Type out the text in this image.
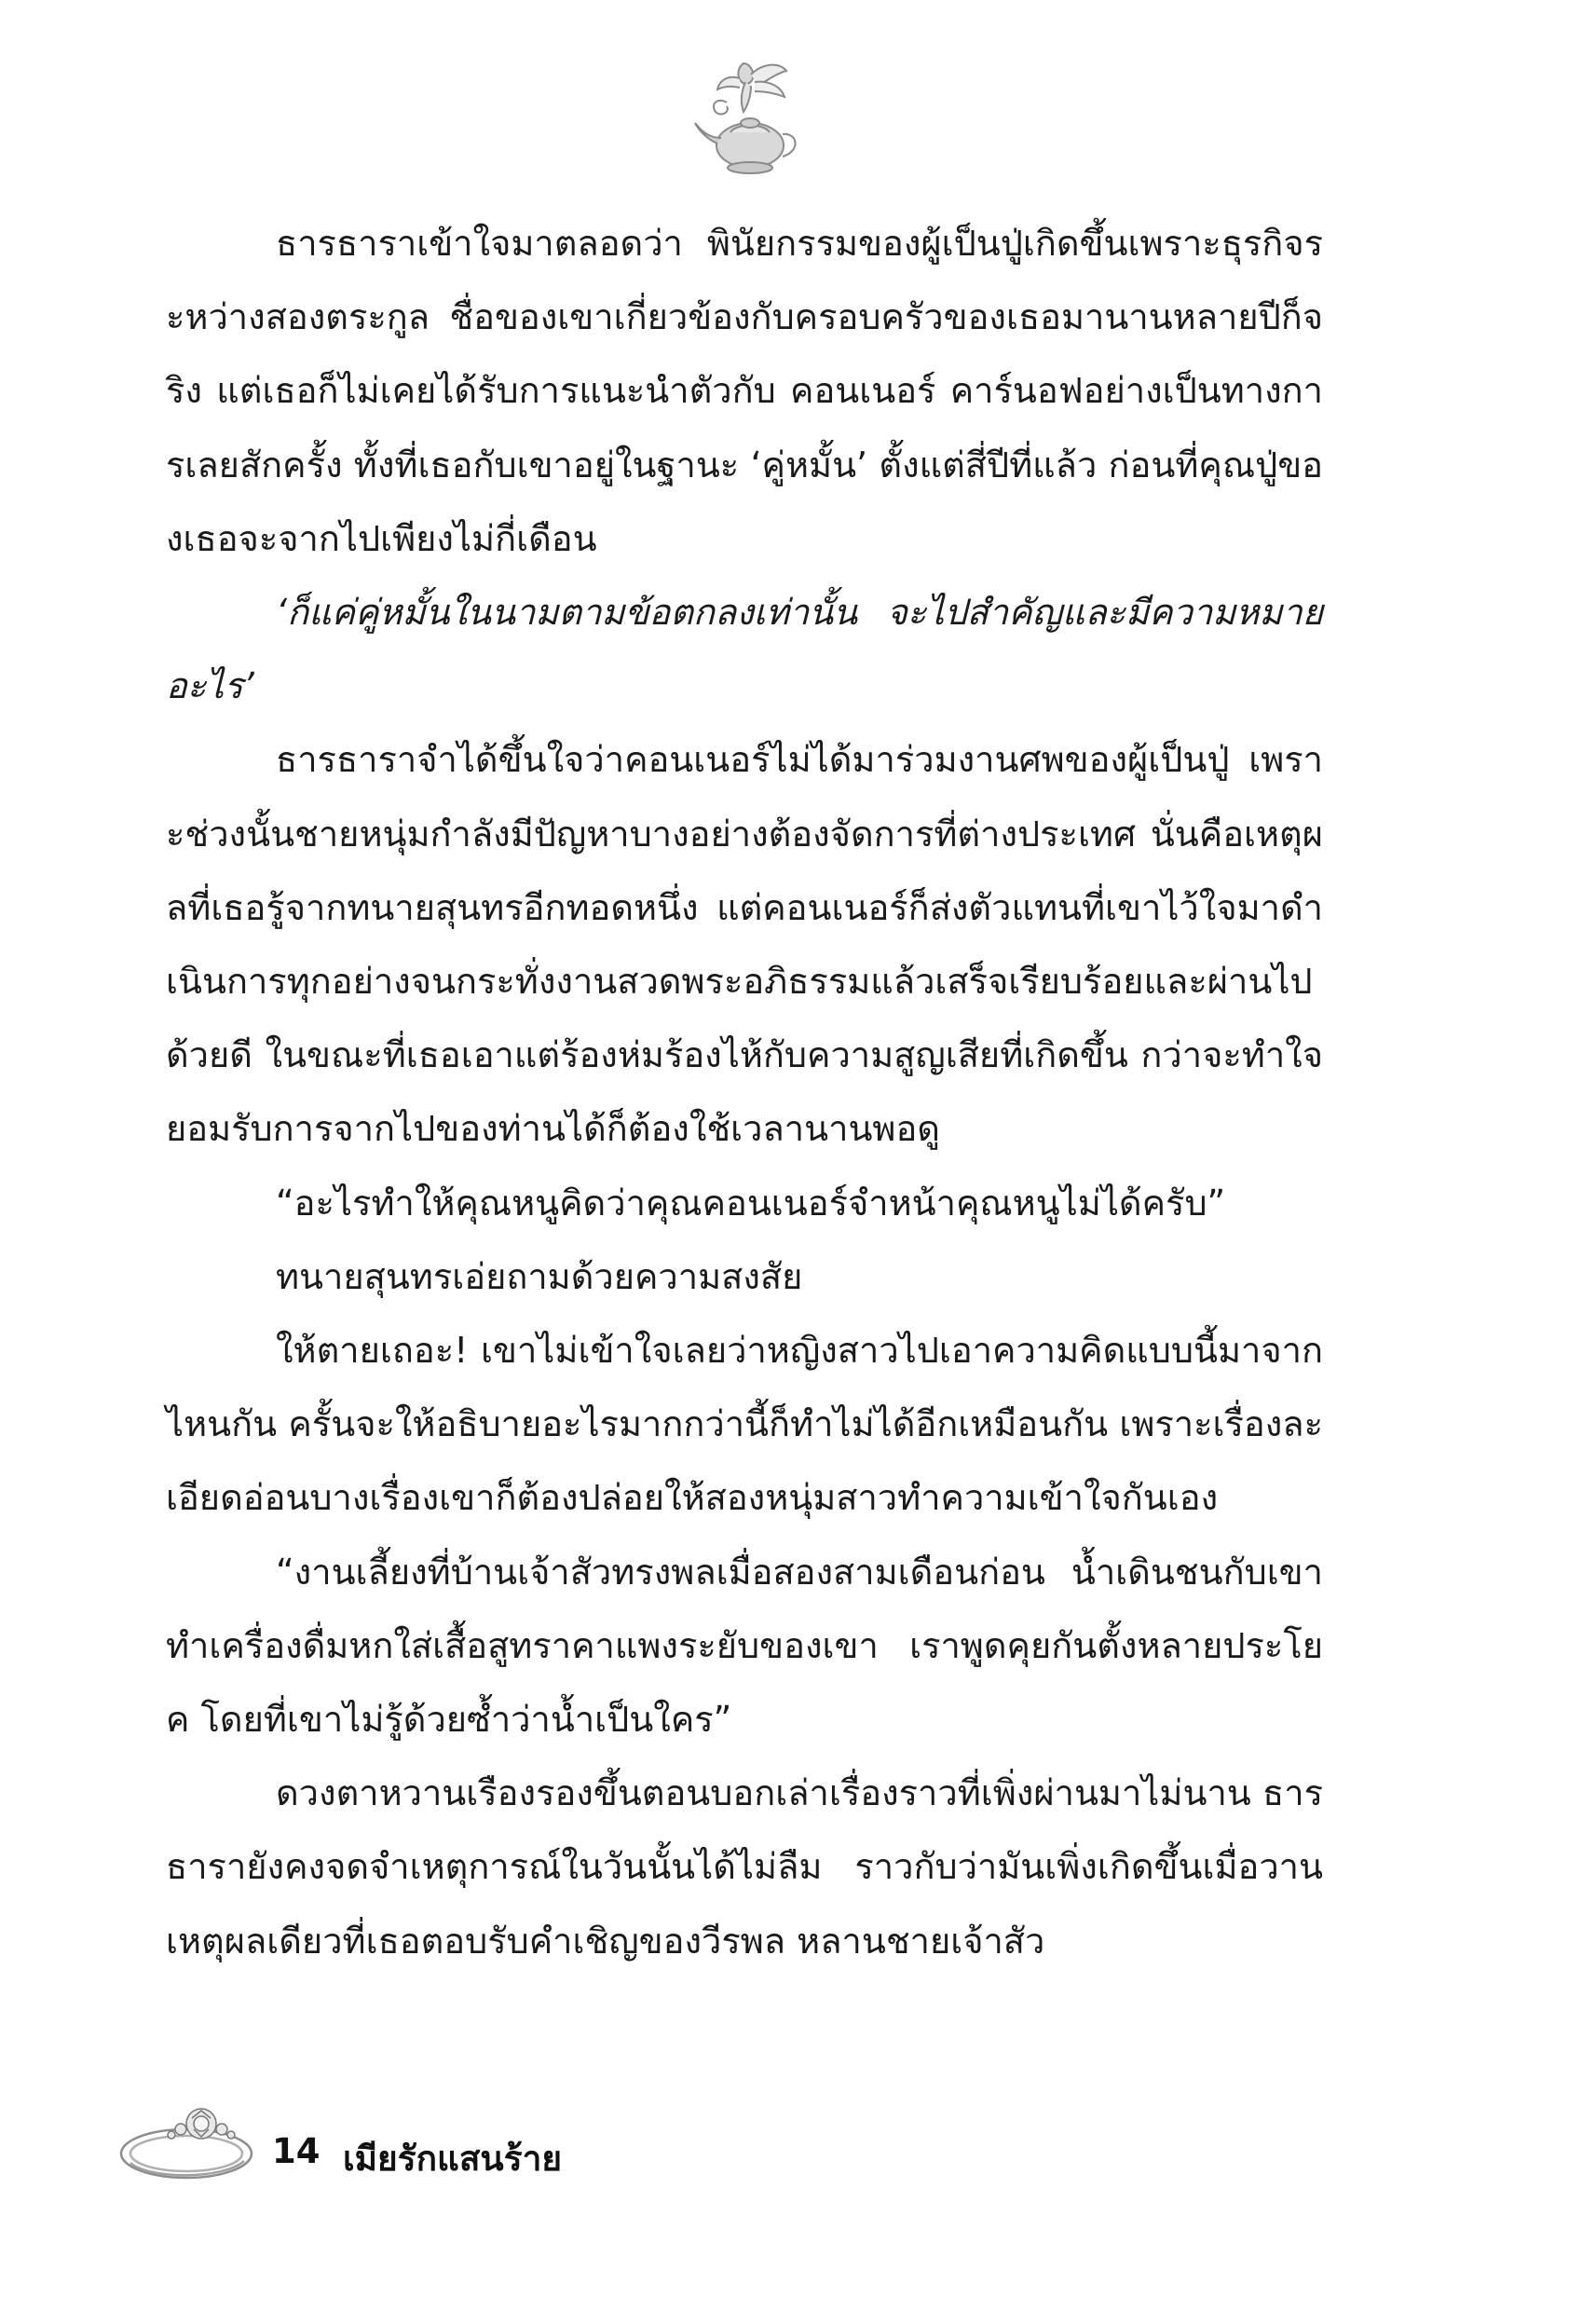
ธารธาราเข้าใจมาตลอดว่า พินัยกรรมของผู้เป็นปู่เกิดขึ้นเพราะธุรกิจระหว่างสองตระกูล ชื่อของเขาเกี่ยวข้องกับครอบครัวของเธอมานานหลายปีก็จริง แต่เธอก็ไม่เคยได้รับการแนะนำตัวกับ คอนเนอร์ คาร์นอฟอย่างเป็นทางการเลยสักครั้ง ทั้งที่เธอกับเขาอยู่ในฐานะ ‘คู่หมั้น’ ตั้งแต่สี่ปีที่แล้ว ก่อนที่คุณปู่ของเธอจะจากไปเพียงไม่กี่เดือน

‘ก็แค่คู่หมั้นในนามตามข้อตกลงเท่านั้น จะไปสำคัญและมีความหมายอะไร’

ธารธาราจำได้ขึ้นใจว่าคอนเนอร์ไม่ได้มาร่วมงานศพของผู้เป็นปู่ เพราะช่วงนั้นชายหนุ่มกำลังมีปัญหาบางอย่างต้องจัดการที่ต่างประเทศ นั่นคือเหตุผลที่เธอรู้จากทนายสุนทรอีกทอดหนึ่ง แต่คอนเนอร์ก็ส่งตัวแทนที่เขาไว้ใจมาดำเนินการทุกอย่างจนกระทั่งงานสวดพระอภิธรรมแล้วเสร็จเรียบร้อยและผ่านไปด้วยดี ในขณะที่เธอเอาแต่ร้องห่มร้องไห้กับความสูญเสียที่เกิดขึ้น กว่าจะทำใจยอมรับการจากไปของท่านได้ก็ต้องใช้เวลานานพอดู

“อะไรทำให้คุณหนูคิดว่าคุณคอนเนอร์จำหน้าคุณหนูไม่ได้ครับ”

ทนายสุนทรเอ่ยถามด้วยความสงสัย

ให้ตายเถอะ! เขาไม่เข้าใจเลยว่าหญิงสาวไปเอาความคิดแบบนี้มาจากไหนกัน ครั้นจะให้อธิบายอะไรมากกว่านี้ก็ทำไม่ได้อีกเหมือนกัน เพราะเรื่องละเอียดอ่อนบางเรื่องเขาก็ต้องปล่อยให้สองหนุ่มสาวทำความเข้าใจกันเอง

“งานเลี้ยงที่บ้านเจ้าสัวทรงพลเมื่อสองสามเดือนก่อน น้ำเดินชนกับเขา ทำเครื่องดื่มหกใส่เสื้อสูทราคาแพงระยับของเขา เราพูดคุยกันตั้งหลายประโยค โดยที่เขาไม่รู้ด้วยซ้ำว่าน้ำเป็นใคร”

ดวงตาหวานเรืองรองขึ้นตอนบอกเล่าเรื่องราวที่เพิ่งผ่านมาไม่นาน ธารธารายังคงจดจำเหตุการณ์ในวันนั้นได้ไม่ลืม ราวกับว่ามันเพิ่งเกิดขึ้นเมื่อวาน เหตุผลเดียวที่เธอตอบรับคำเชิญของวีรพล หลานชายเจ้าสัว

14 เมียรักแสนร้าย
